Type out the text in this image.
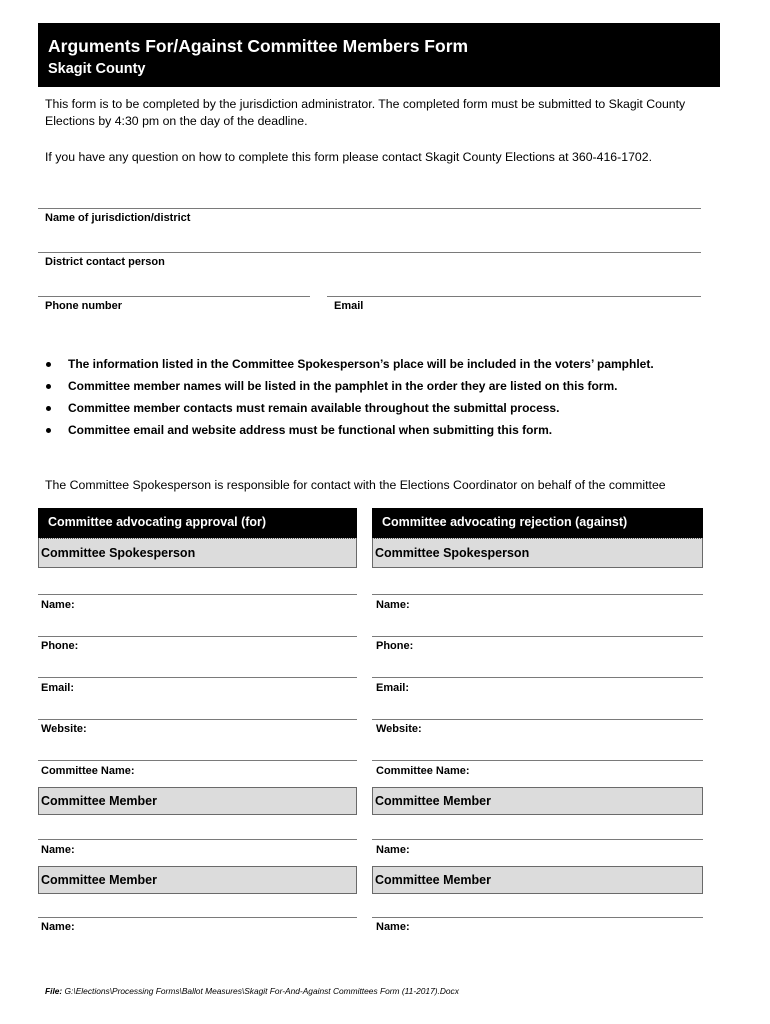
Arguments For/Against Committee Members Form
Skagit County
This form is to be completed by the jurisdiction administrator. The completed form must be submitted to Skagit County Elections by 4:30 pm on the day of the deadline.
If you have any question on how to complete this form please contact Skagit County Elections at 360-416-1702.
Name of jurisdiction/district
District contact person
Phone number	Email
The information listed in the Committee Spokesperson’s place will be included in the voters’ pamphlet.
Committee member names will be listed in the pamphlet in the order they are listed on this form.
Committee member contacts must remain available throughout the submittal process.
Committee email and website address must be functional when submitting this form.
The Committee Spokesperson is responsible for contact with the Elections Coordinator on behalf of the committee
Committee advocating approval (for)
Committee Spokesperson
Name:
Phone:
Email:
Website:
Committee Name:
Committee Member
Name:
Committee Member
Name:
Committee advocating rejection (against)
Committee Spokesperson
Name:
Phone:
Email:
Website:
Committee Name:
Committee Member
Name:
Committee Member
Name:
File: G:\Elections\Processing Forms\Ballot Measures\Skagit For-And-Against Committees Form (11-2017).Docx
